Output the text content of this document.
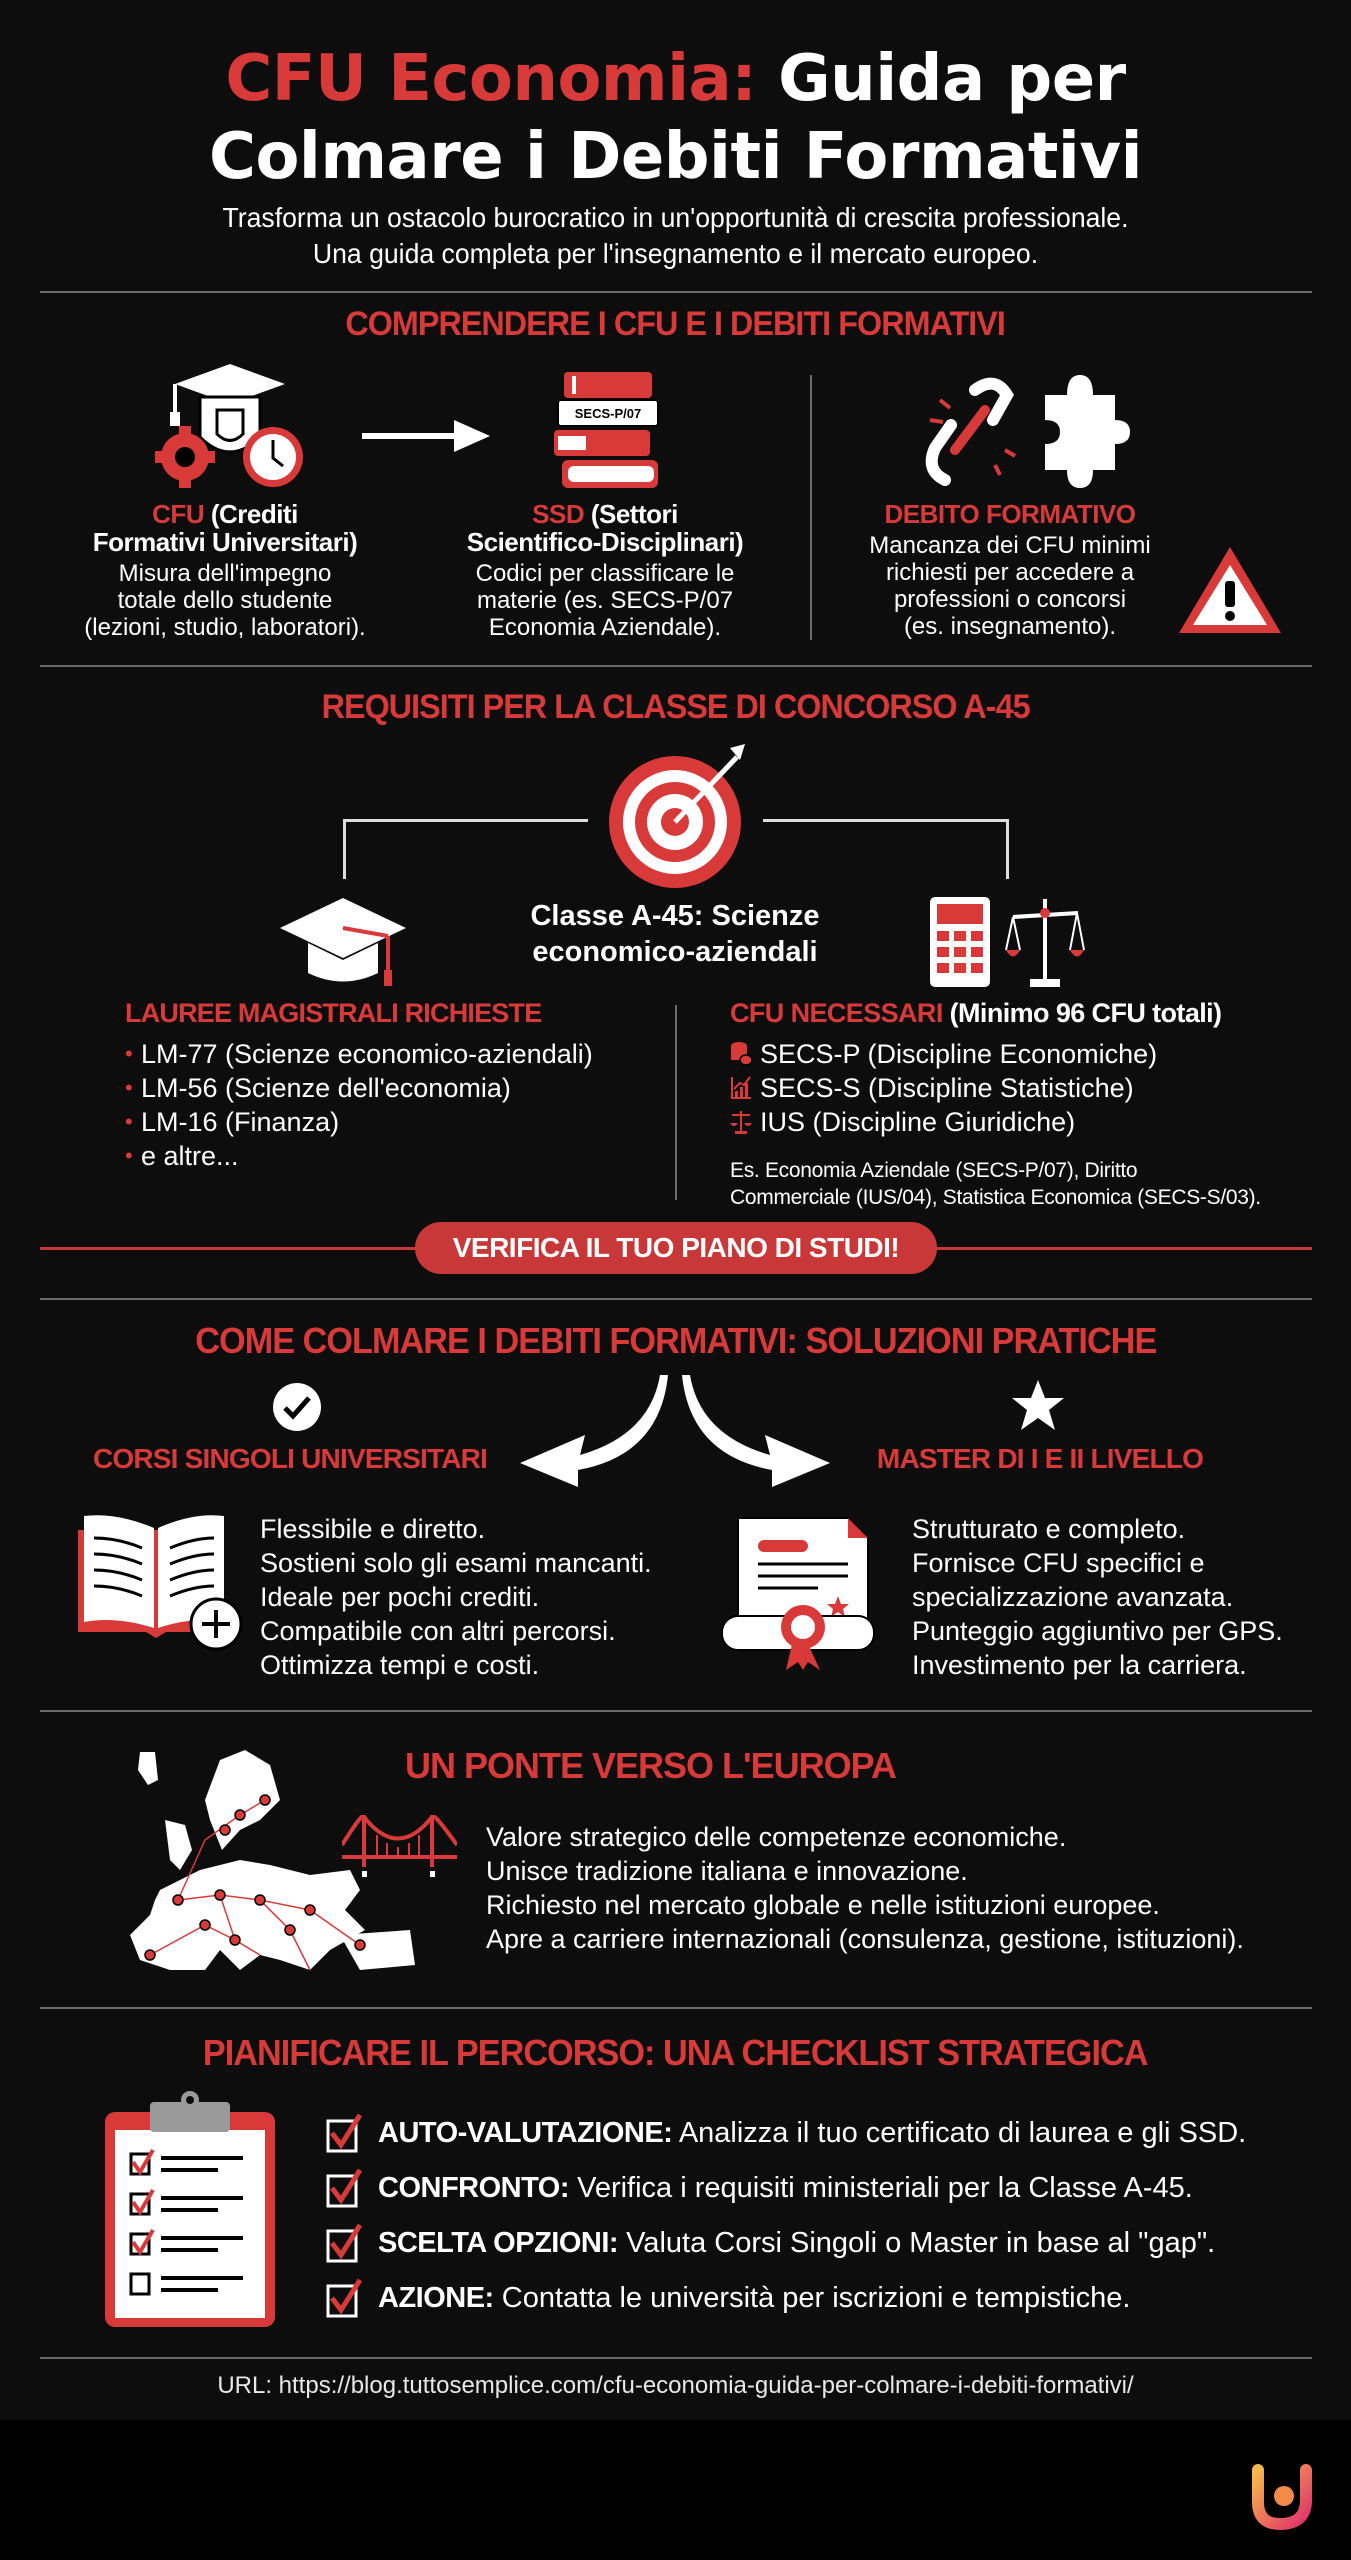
CFU Economia: Guida per
Colmare i Debiti Formativi
Trasforma un ostacolo burocratico in un'opportunità di crescita professionale.
Una guida completa per l'insegnamento e il mercato europeo.
COMPRENDERE I CFU E I DEBITI FORMATIVI
SECS-P/07
CFU (Crediti
Formativi Universitari)
Misura dell'impegno
totale dello studente
(lezioni, studio, laboratori).
SSD (Settori
Scientifico-Disciplinari)
Codici per classificare le
materie (es. SECS-P/07
Economia Aziendale).
DEBITO FORMATIVO
Mancanza dei CFU minimi
richiesti per accedere a
professioni o concorsi
(es. insegnamento).
REQUISITI PER LA CLASSE DI CONCORSO A-45
Classe A-45: Scienze
economico-aziendali
LAUREE MAGISTRALI RICHIESTE
• LM-77 (Scienze economico-aziendali)
• LM-56 (Scienze dell'economia)
• LM-16 (Finanza)
• e altre...
CFU NECESSARI (Minimo 96 CFU totali)
SECS-P (Discipline Economiche)
SECS-S (Discipline Statistiche)
IUS (Discipline Giuridiche)
Es. Economia Aziendale (SECS-P/07), Diritto
Commerciale (IUS/04), Statistica Economica (SECS-S/03).
VERIFICA IL TUO PIANO DI STUDI!
COME COLMARE I DEBITI FORMATIVI: SOLUZIONI PRATICHE
CORSI SINGOLI UNIVERSITARI	MASTER DI I E II LIVELLO
Flessibile e diretto.
Sostieni solo gli esami mancanti.
Ideale per pochi crediti.
Compatibile con altri percorsi.
Ottimizza tempi e costi.
Strutturato e completo.
Fornisce CFU specifici e
specializzazione avanzata.
Punteggio aggiuntivo per GPS.
Investimento per la carriera.
UN PONTE VERSO L'EUROPA
Valore strategico delle competenze economiche.
Unisce tradizione italiana e innovazione.
Richiesto nel mercato globale e nelle istituzioni europee.
Apre a carriere internazionali (consulenza, gestione, istituzioni).
PIANIFICARE IL PERCORSO: UNA CHECKLIST STRATEGICA
AUTO-VALUTAZIONE: Analizza il tuo certificato di laurea e gli SSD.
CONFRONTO: Verifica i requisiti ministeriali per la Classe A-45.
SCELTA OPZIONI: Valuta Corsi Singoli o Master in base al "gap".
AZIONE: Contatta le università per iscrizioni e tempistiche.
URL: https://blog.tuttosemplice.com/cfu-economia-guida-per-colmare-i-debiti-formativi/
